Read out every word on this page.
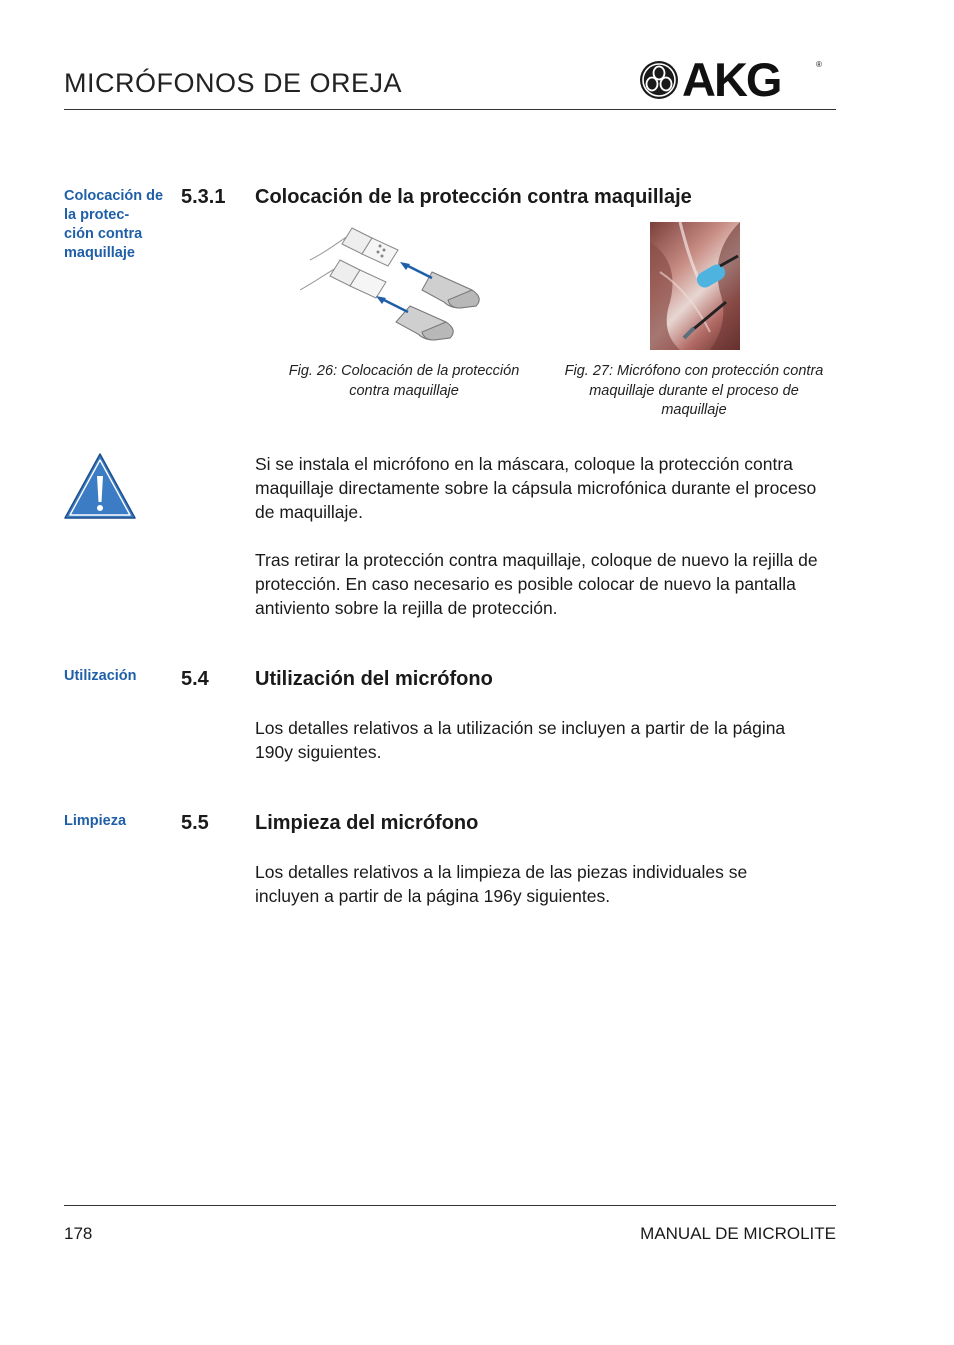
MICRÓFONOS DE OREJA	AKG	®
Colocación de
la protec-
ción contra
maquillaje
5.3.1 Colocación de la protección contra maquillaje
Fig. 26: Colocación de la protección contra maquillaje
Fig. 27: Micrófono con protección contra maquillaje durante el proceso de maquillaje
Si se instala el micrófono en la máscara, coloque la protección contra maquillaje directamente sobre la cápsula microfónica durante el proceso de maquillaje.
Tras retirar la protección contra maquillaje, coloque de nuevo la rejilla de protección. En caso necesario es posible colocar de nuevo la pantalla antiviento sobre la rejilla de protección.
Utilización	5.4 Utilización del micrófono
Los detalles relativos a la utilización se incluyen a partir de la página 190y siguientes.
Limpieza	5.5 Limpieza del micrófono
Los detalles relativos a la limpieza de las piezas individuales se incluyen a partir de la página 196y siguientes.
178	MANUAL DE MICROLITE
